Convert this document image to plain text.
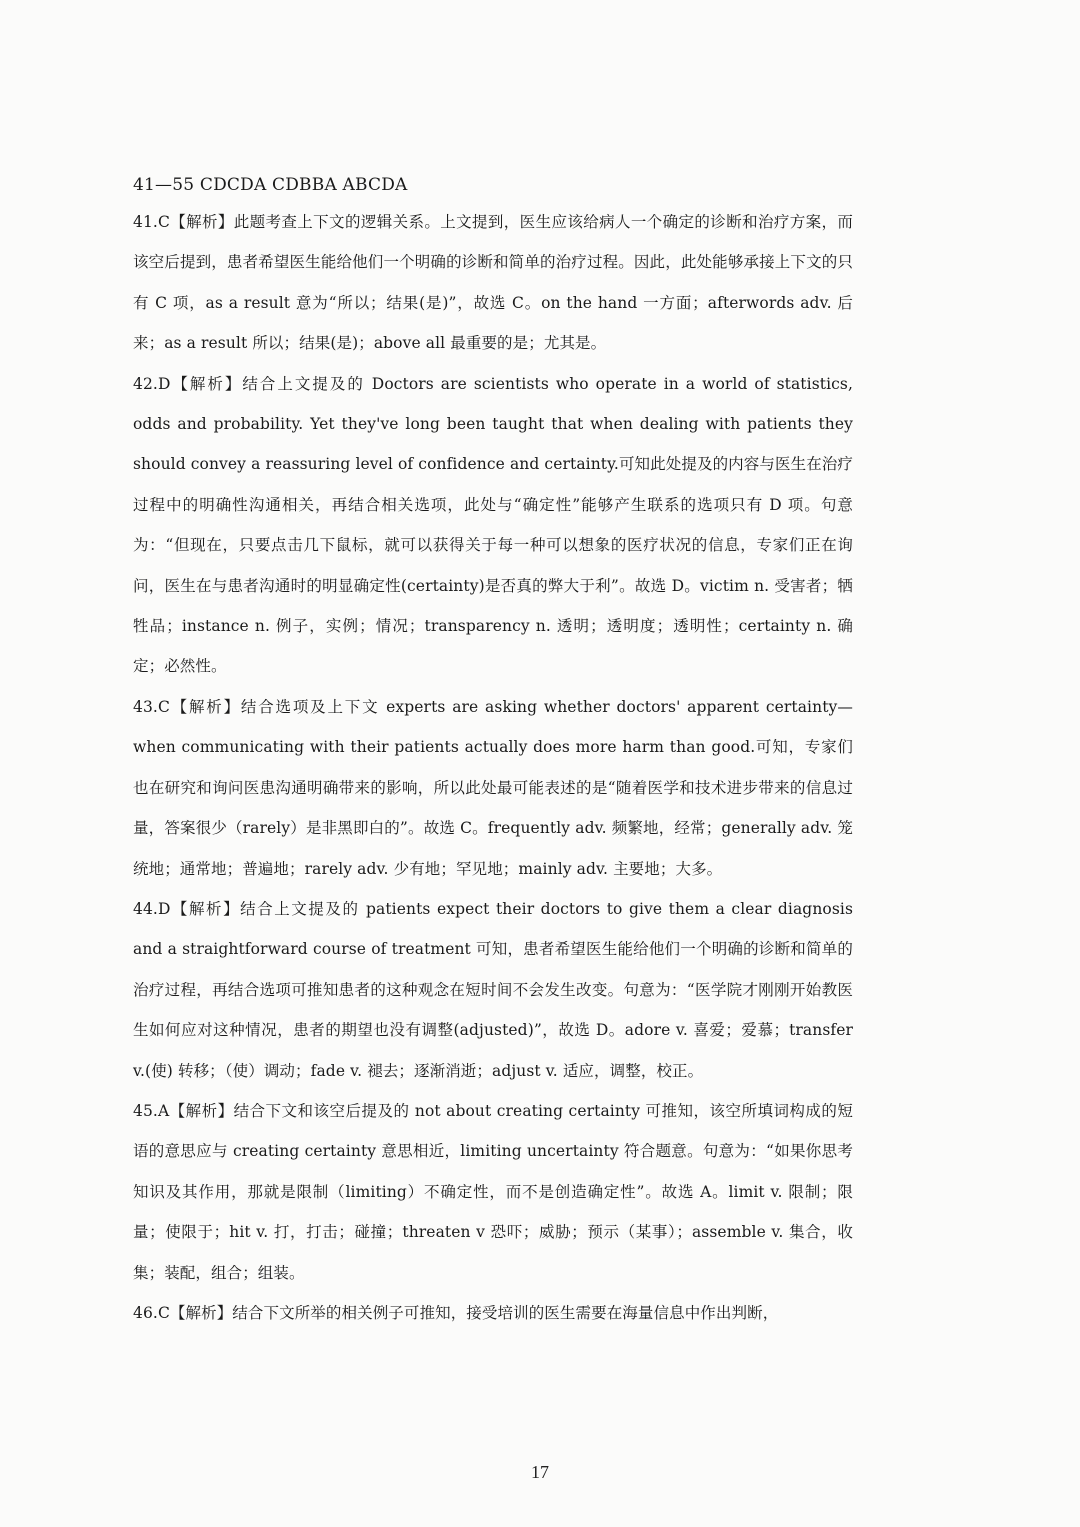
41—55 CDCDA CDBBA ABCDA

41.C【解析】此题考查上下文的逻辑关系。上文提到，医生应该给病人一个确定的诊断和治疗方案，而该空后提到，患者希望医生能给他们一个明确的诊断和简单的治疗过程。因此，此处能够承接上下文的只有 C 项，as a result 意为“所以；结果(是)”，故选 C。on the hand 一方面；afterwords adv. 后来；as a result 所以；结果(是)；above all 最重要的是；尤其是。

42.D【解析】结合上文提及的 Doctors are scientists who operate in a world of statistics, odds and probability. Yet they've long been taught that when dealing with patients they should convey a reassuring level of confidence and certainty.可知此处提及的内容与医生在治疗过程中的明确性沟通相关，再结合相关选项，此处与“确定性”能够产生联系的选项只有 D 项。句意为：“但现在，只要点击几下鼠标，就可以获得关于每一种可以想象的医疗状况的信息，专家们正在询问，医生在与患者沟通时的明显确定性(certainty)是否真的弊大于利”。故选 D。victim n. 受害者；牺牲品；instance n. 例子，实例；情况；transparency n. 透明；透明度；透明性；certainty n. 确定；必然性。

43.C【解析】结合选项及上下文 experts are asking whether doctors' apparent certainty—when communicating with their patients actually does more harm than good.可知，专家们也在研究和询问医患沟通明确带来的影响，所以此处最可能表述的是“随着医学和技术进步带来的信息过量，答案很少（rarely）是非黑即白的”。故选 C。frequently adv. 频繁地，经常；generally adv. 笼统地；通常地；普遍地；rarely adv. 少有地；罕见地；mainly adv. 主要地；大多。

44.D【解析】结合上文提及的 patients expect their doctors to give them a clear diagnosis and a straightforward course of treatment 可知，患者希望医生能给他们一个明确的诊断和简单的治疗过程，再结合选项可推知患者的这种观念在短时间不会发生改变。句意为：“医学院才刚刚开始教医生如何应对这种情况，患者的期望也没有调整(adjusted)”，故选 D。adore v. 喜爱；爱慕；transfer v.(使) 转移；（使）调动；fade v. 褪去；逐渐消逝；adjust v. 适应，调整，校正。

45.A【解析】结合下文和该空后提及的 not about creating certainty 可推知，该空所填词构成的短语的意思应与 creating certainty 意思相近，limiting uncertainty 符合题意。句意为：“如果你思考知识及其作用，那就是限制（limiting）不确定性，而不是创造确定性”。故选 A。limit v. 限制；限量；使限于；hit v. 打，打击；碰撞；threaten v 恐吓；威胁；预示（某事）；assemble v. 集合，收集；装配，组合；组装。

46.C【解析】结合下文所举的相关例子可推知，接受培训的医生需要在海量信息中作出判断，

17
